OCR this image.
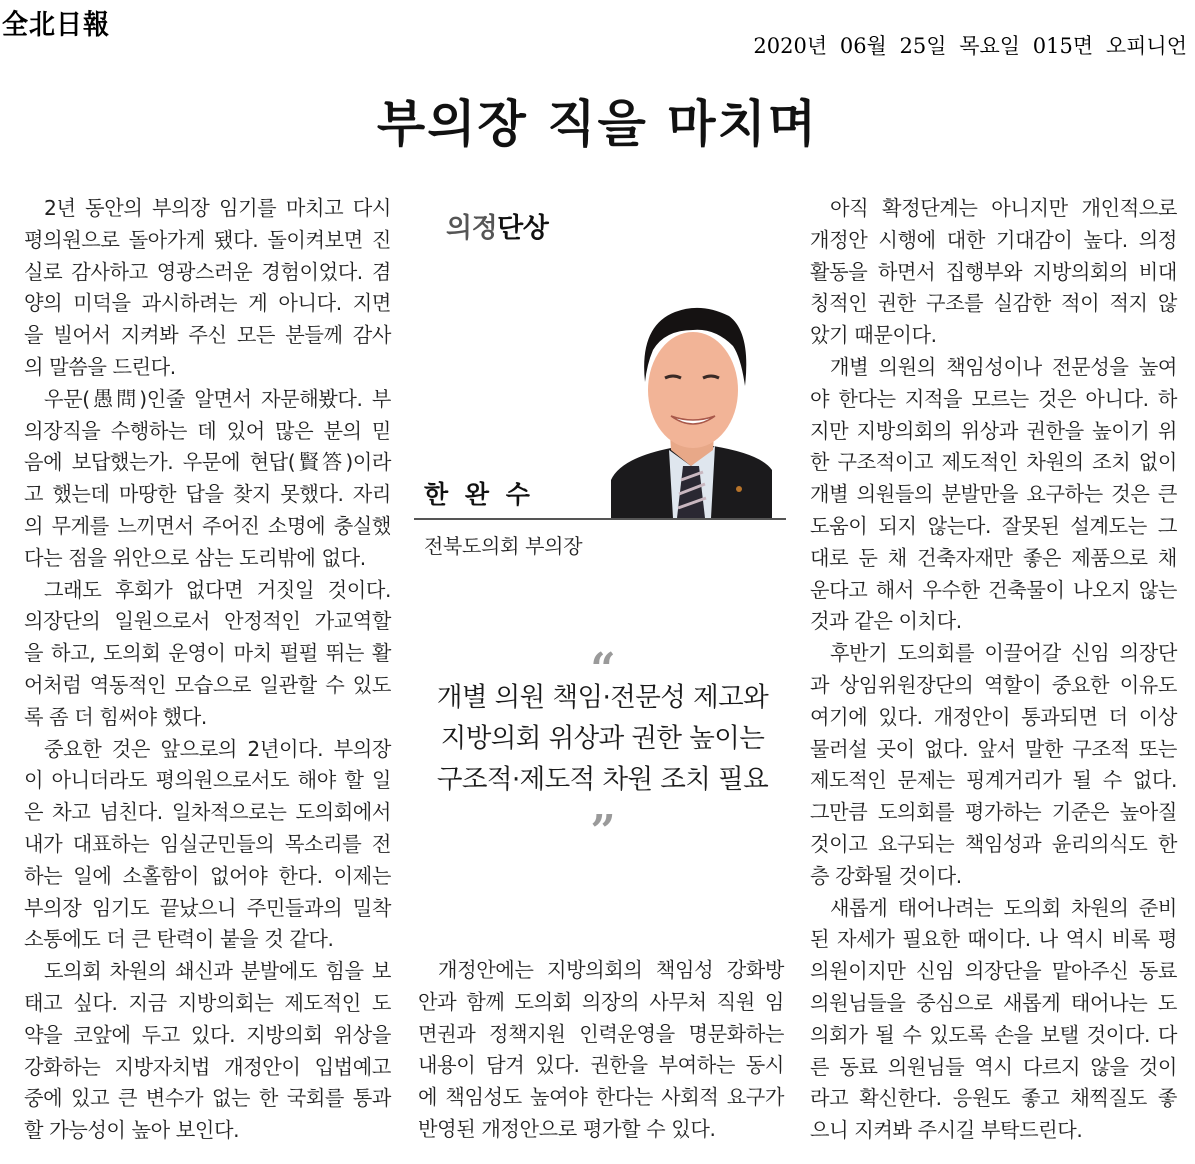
全北日報
2020년 06월 25일 목요일 015면 오피니언
부의장 직을 마치며
2년 동안의 부의장 임기를 마치고 다시
평의원으로 돌아가게 됐다. 돌이켜보면 진
실로 감사하고 영광스러운 경험이었다. 겸
양의 미덕을 과시하려는 게 아니다. 지면
을 빌어서 지켜봐 주신 모든 분들께 감사
의 말씀을 드린다.
우문(愚問)인줄 알면서 자문해봤다. 부
의장직을 수행하는 데 있어 많은 분의 믿
음에 보답했는가. 우문에 현답(賢答)이라
고 했는데 마땅한 답을 찾지 못했다. 자리
의 무게를 느끼면서 주어진 소명에 충실했
다는 점을 위안으로 삼는 도리밖에 없다.
그래도 후회가 없다면 거짓일 것이다.
의장단의 일원으로서 안정적인 가교역할
을 하고, 도의회 운영이 마치 펄펄 뛰는 활
어처럼 역동적인 모습으로 일관할 수 있도
록 좀 더 힘써야 했다.
중요한 것은 앞으로의 2년이다. 부의장
이 아니더라도 평의원으로서도 해야 할 일
은 차고 넘친다. 일차적으로는 도의회에서
내가 대표하는 임실군민들의 목소리를 전
하는 일에 소홀함이 없어야 한다. 이제는
부의장 임기도 끝났으니 주민들과의 밀착
소통에도 더 큰 탄력이 붙을 것 같다.
도의회 차원의 쇄신과 분발에도 힘을 보
태고 싶다. 지금 지방의회는 제도적인 도
약을 코앞에 두고 있다. 지방의회 위상을
강화하는 지방자치법 개정안이 입법예고
중에 있고 큰 변수가 없는 한 국회를 통과
할 가능성이 높아 보인다.
의정단상
한 완 수
전북도의회 부의장
“
개별 의원 책임·전문성 제고와
지방의회 위상과 권한 높이는
구조적·제도적 차원 조치 필요
”
개정안에는 지방의회의 책임성 강화방
안과 함께 도의회 의장의 사무처 직원 임
면권과 정책지원 인력운영을 명문화하는
내용이 담겨 있다. 권한을 부여하는 동시
에 책임성도 높여야 한다는 사회적 요구가
반영된 개정안으로 평가할 수 있다.
아직 확정단계는 아니지만 개인적으로
개정안 시행에 대한 기대감이 높다. 의정
활동을 하면서 집행부와 지방의회의 비대
칭적인 권한 구조를 실감한 적이 적지 않
았기 때문이다.
개별 의원의 책임성이나 전문성을 높여
야 한다는 지적을 모르는 것은 아니다. 하
지만 지방의회의 위상과 권한을 높이기 위
한 구조적이고 제도적인 차원의 조치 없이
개별 의원들의 분발만을 요구하는 것은 큰
도움이 되지 않는다. 잘못된 설계도는 그
대로 둔 채 건축자재만 좋은 제품으로 채
운다고 해서 우수한 건축물이 나오지 않는
것과 같은 이치다.
후반기 도의회를 이끌어갈 신임 의장단
과 상임위원장단의 역할이 중요한 이유도
여기에 있다. 개정안이 통과되면 더 이상
물러설 곳이 없다. 앞서 말한 구조적 또는
제도적인 문제는 핑계거리가 될 수 없다.
그만큼 도의회를 평가하는 기준은 높아질
것이고 요구되는 책임성과 윤리의식도 한
층 강화될 것이다.
새롭게 태어나려는 도의회 차원의 준비
된 자세가 필요한 때이다. 나 역시 비록 평
의원이지만 신임 의장단을 맡아주신 동료
의원님들을 중심으로 새롭게 태어나는 도
의회가 될 수 있도록 손을 보탤 것이다. 다
른 동료 의원님들 역시 다르지 않을 것이
라고 확신한다. 응원도 좋고 채찍질도 좋
으니 지켜봐 주시길 부탁드린다.
